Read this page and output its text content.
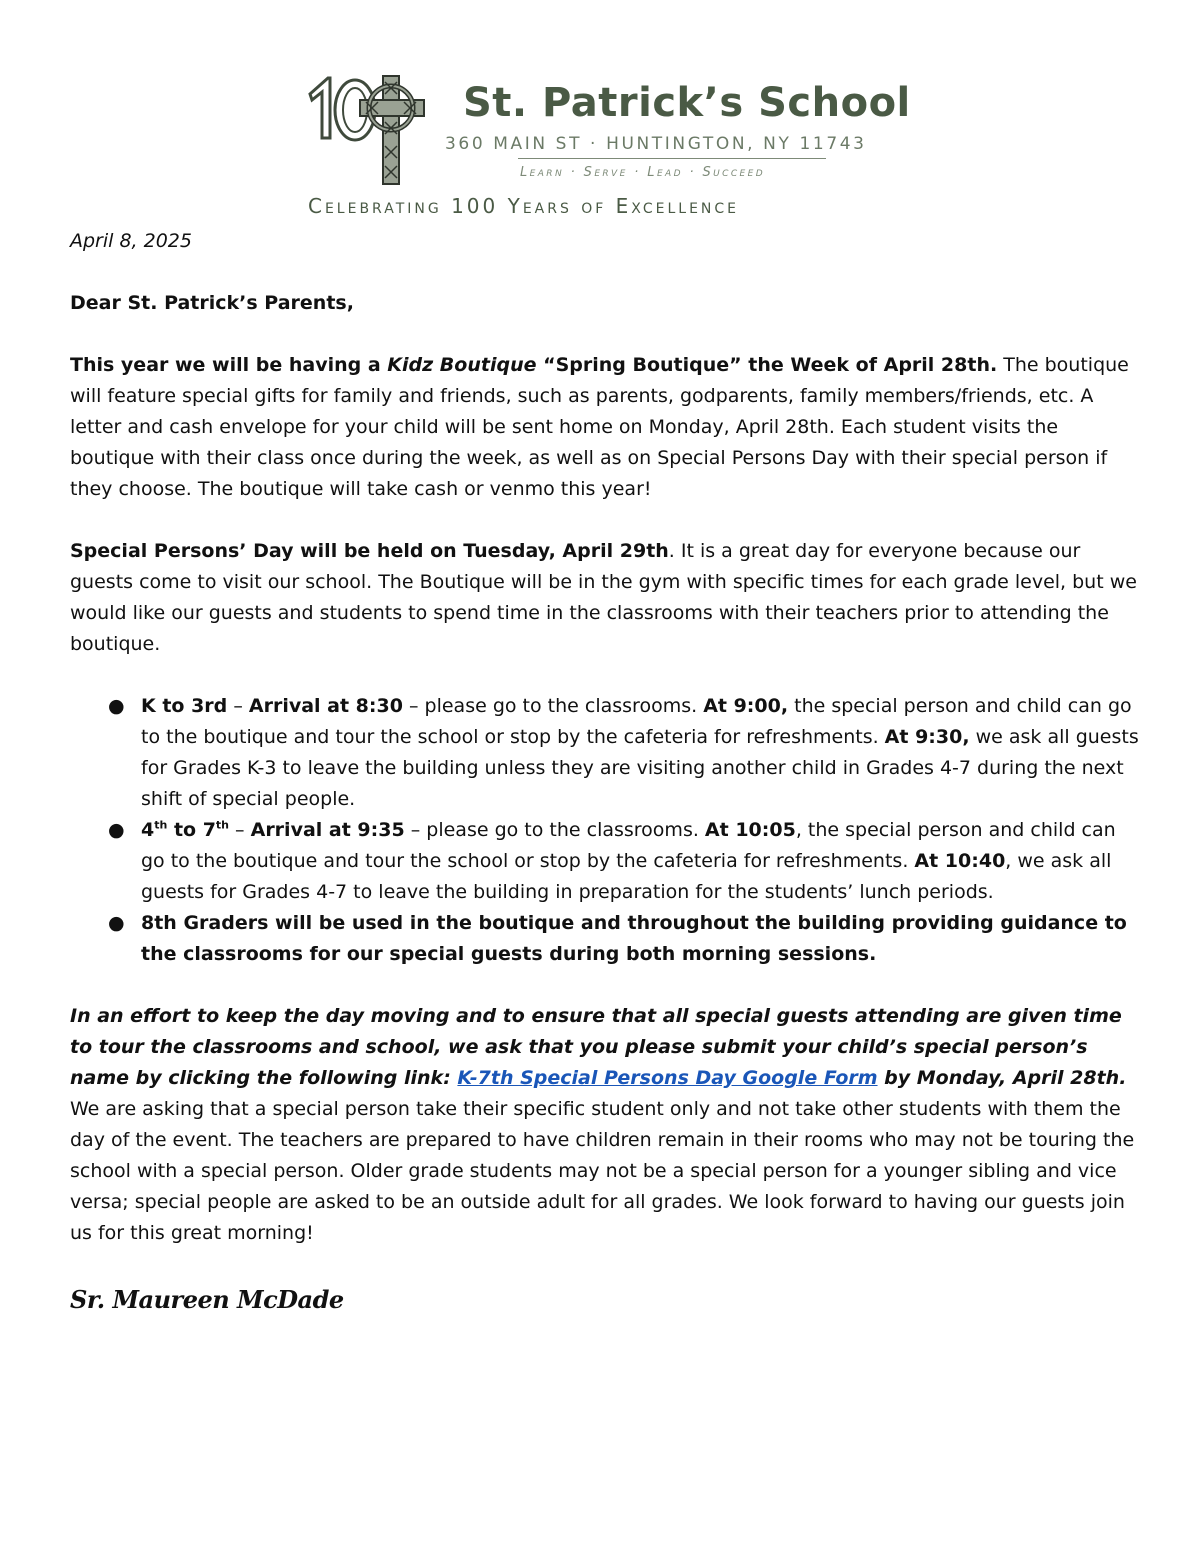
100
St. Patrick’s School
360 MAIN ST · HUNTINGTON, NY 11743
Learn · Serve · Lead · Succeed
Celebrating 100 Years of Excellence

April 8, 2025

Dear St. Patrick’s Parents,

This year we will be having a Kidz Boutique “Spring Boutique” the Week of April 28th. The boutique will feature special gifts for family and friends, such as parents, godparents, family members/friends, etc. A letter and cash envelope for your child will be sent home on Monday, April 28th. Each student visits the boutique with their class once during the week, as well as on Special Persons Day with their special person if they choose. The boutique will take cash or venmo this year!

Special Persons’ Day will be held on Tuesday, April 29th. It is a great day for everyone because our guests come to visit our school. The Boutique will be in the gym with specific times for each grade level, but we would like our guests and students to spend time in the classrooms with their teachers prior to attending the boutique.

● K to 3rd – Arrival at 8:30 – please go to the classrooms. At 9:00, the special person and child can go to the boutique and tour the school or stop by the cafeteria for refreshments. At 9:30, we ask all guests for Grades K-3 to leave the building unless they are visiting another child in Grades 4-7 during the next shift of special people.
● 4th to 7th – Arrival at 9:35 – please go to the classrooms. At 10:05, the special person and child can go to the boutique and tour the school or stop by the cafeteria for refreshments. At 10:40, we ask all guests for Grades 4-7 to leave the building in preparation for the students’ lunch periods.
● 8th Graders will be used in the boutique and throughout the building providing guidance to the classrooms for our special guests during both morning sessions.

In an effort to keep the day moving and to ensure that all special guests attending are given time to tour the classrooms and school, we ask that you please submit your child’s special person’s name by clicking the following link: K-7th Special Persons Day Google Form by Monday, April 28th. We are asking that a special person take their specific student only and not take other students with them the day of the event. The teachers are prepared to have children remain in their rooms who may not be touring the school with a special person. Older grade students may not be a special person for a younger sibling and vice versa; special people are asked to be an outside adult for all grades. We look forward to having our guests join us for this great morning!

Sr. Maureen McDade
